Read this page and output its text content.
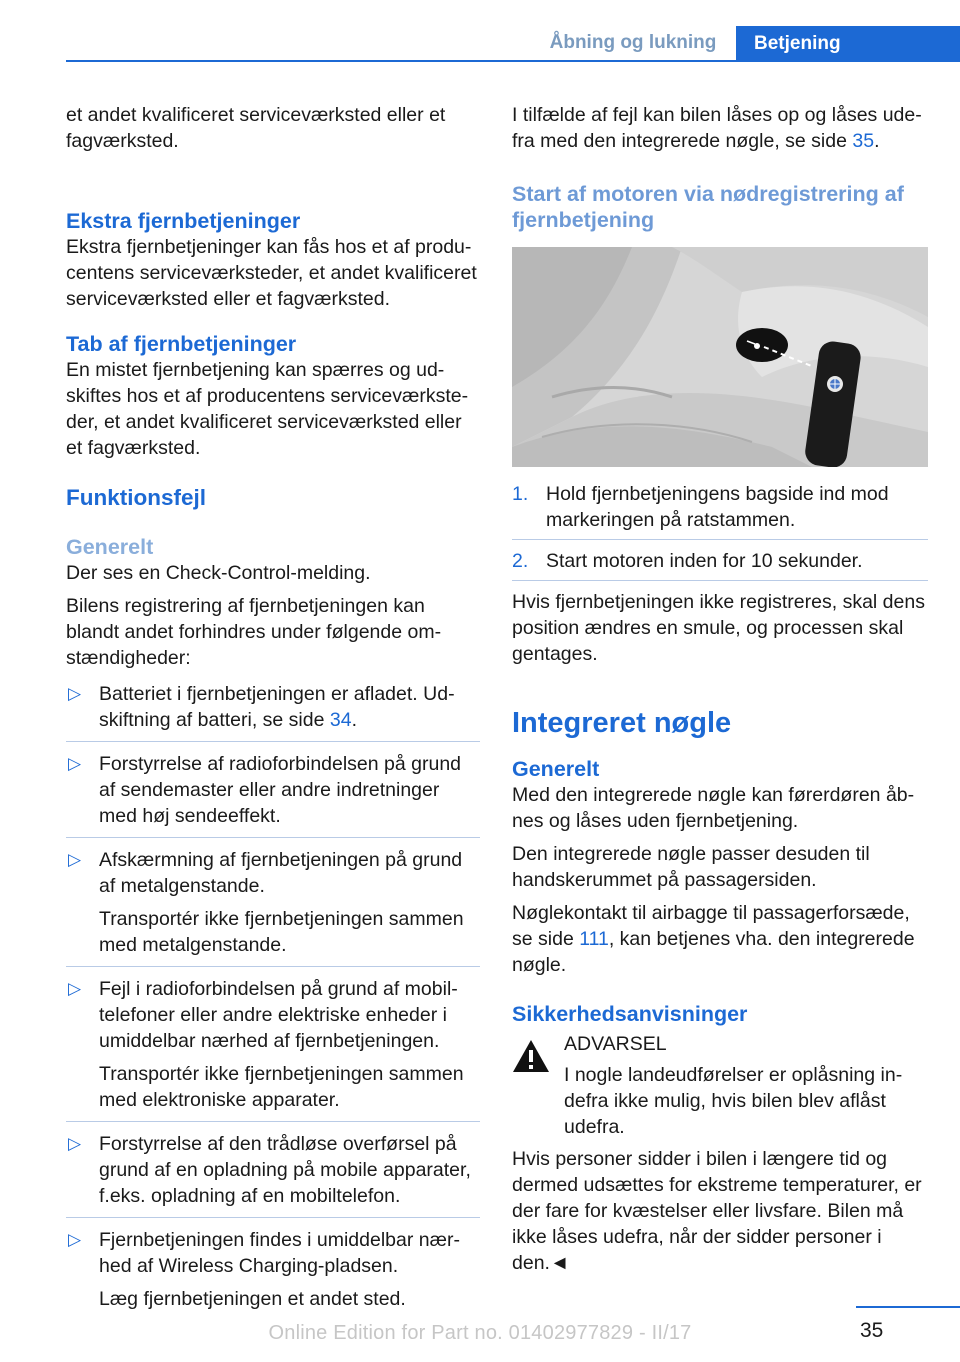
Åbning og lukning	Betjening

et andet kvalificeret serviceværksted eller et fagværksted.

Ekstra fjernbetjeninger

Ekstra fjernbetjeninger kan fås hos et af producentens serviceværksteder, et andet kvalificeret serviceværksted eller et fagværksted.

Tab af fjernbetjeninger

En mistet fjernbetjening kan spærres og udskiftes hos et af producentens serviceværksteder, et andet kvalificeret serviceværksted eller et fagværksted.

Funktionsfejl
Generelt

Der ses en Check-Control-melding.

Bilens registrering af fjernbetjeningen kan blandt andet forhindres under følgende omstændigheder:

▷ Batteriet i fjernbetjeningen er afladet. Udskiftning af batteri, se side 34.

▷ Forstyrrelse af radioforbindelsen på grund af sendemaster eller andre indretninger med høj sendeeffekt.

▷ Afskærmning af fjernbetjeningen på grund af metalgenstande.

Transportér ikke fjernbetjeningen sammen med metalgenstande.

▷ Fejl i radioforbindelsen på grund af mobiltelefoner eller andre elektriske enheder i umiddelbar nærhed af fjernbetjeningen.

Transportér ikke fjernbetjeningen sammen med elektroniske apparater.

▷ Forstyrrelse af den trådløse overførsel på grund af en opladning på mobile apparater, f.eks. opladning af en mobiltelefon.

▷ Fjernbetjeningen findes i umiddelbar nærhed af Wireless Charging-pladsen.

Læg fjernbetjeningen et andet sted.

I tilfælde af fejl kan bilen låses op og låses udefra med den integrerede nøgle, se side 35.

Start af motoren via nødregistrering af fjernbetjening
1. Hold fjernbetjeningens bagside ind mod markeringen på ratstammen.

2. Start motoren inden for 10 sekunder.

Hvis fjernbetjeningen ikke registreres, skal dens position ændres en smule, og processen skal gentages.

Integreret nøgle
Generelt

Med den integrerede nøgle kan førerdøren åbnes og låses uden fjernbetjening.

Den integrerede nøgle passer desuden til handskerummet på passagersiden.

Nøglekontakt til airbagge til passagerforsæde, se side 111, kan betjenes vha. den integrerede nøgle.

Sikkerhedsanvisninger

ADVARSEL

I nogle landeudførelser er oplåsning indefra ikke mulig, hvis bilen blev aflåst udefra.

Hvis personer sidder i bilen i længere tid og dermed udsættes for ekstreme temperaturer, er der fare for kvæstelser eller livsfare. Bilen må ikke låses udefra, når der sidder personer i den.◄

35
Online Edition for Part no. 01402977829 - II/17
